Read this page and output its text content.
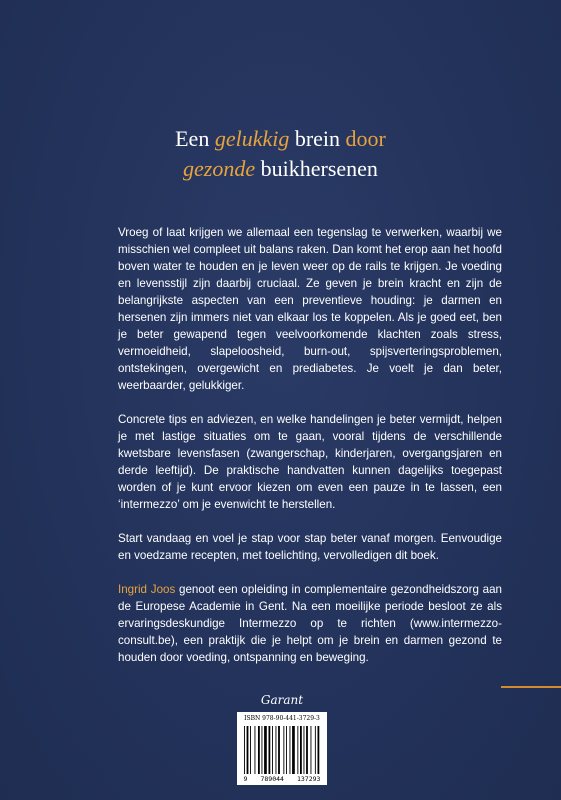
Een gelukkig brein door
gezonde buikhersenen

Vroeg of laat krijgen we allemaal een tegenslag te verwerken, waarbij we misschien wel compleet uit balans raken. Dan komt het erop aan het hoofd boven water te houden en je leven weer op de rails te krijgen. Je voeding en levensstijl zijn daarbij cruciaal. Ze geven je brein kracht en zijn de belangrijkste aspecten van een preventieve houding: je darmen en hersenen zijn immers niet van elkaar los te koppelen. Als je goed eet, ben je beter gewapend tegen veelvoorkomende klachten zoals stress, vermoeidheid, slapeloosheid, burn-out, spijsverteringsproblemen, ontstekingen, overgewicht en prediabetes. Je voelt je dan beter, weerbaarder, gelukkiger.

Concrete tips en adviezen, en welke handelingen je beter vermijdt, helpen je met lastige situaties om te gaan, vooral tijdens de verschillende kwetsbare levensfasen (zwangerschap, kinderjaren, overgangsjaren en derde leeftijd). De praktische handvatten kunnen dagelijks toegepast worden of je kunt ervoor kiezen om even een pauze in te lassen, een ‘intermezzo’ om je evenwicht te herstellen.

Start vandaag en voel je stap voor stap beter vanaf morgen. Eenvoudige en voedzame recepten, met toelichting, vervolledigen dit boek.

Ingrid Joos genoot een opleiding in complementaire gezondheidszorg aan de Europese Academie in Gent. Na een moeilijke periode besloot ze als ervaringsdeskundige Intermezzo op te richten (www.intermezzo-consult.be), een praktijk die je helpt om je brein en darmen gezond te houden door voeding, ontspanning en beweging.

Garant
ISBN 978-90-441-3729-3
9 789044 137293
